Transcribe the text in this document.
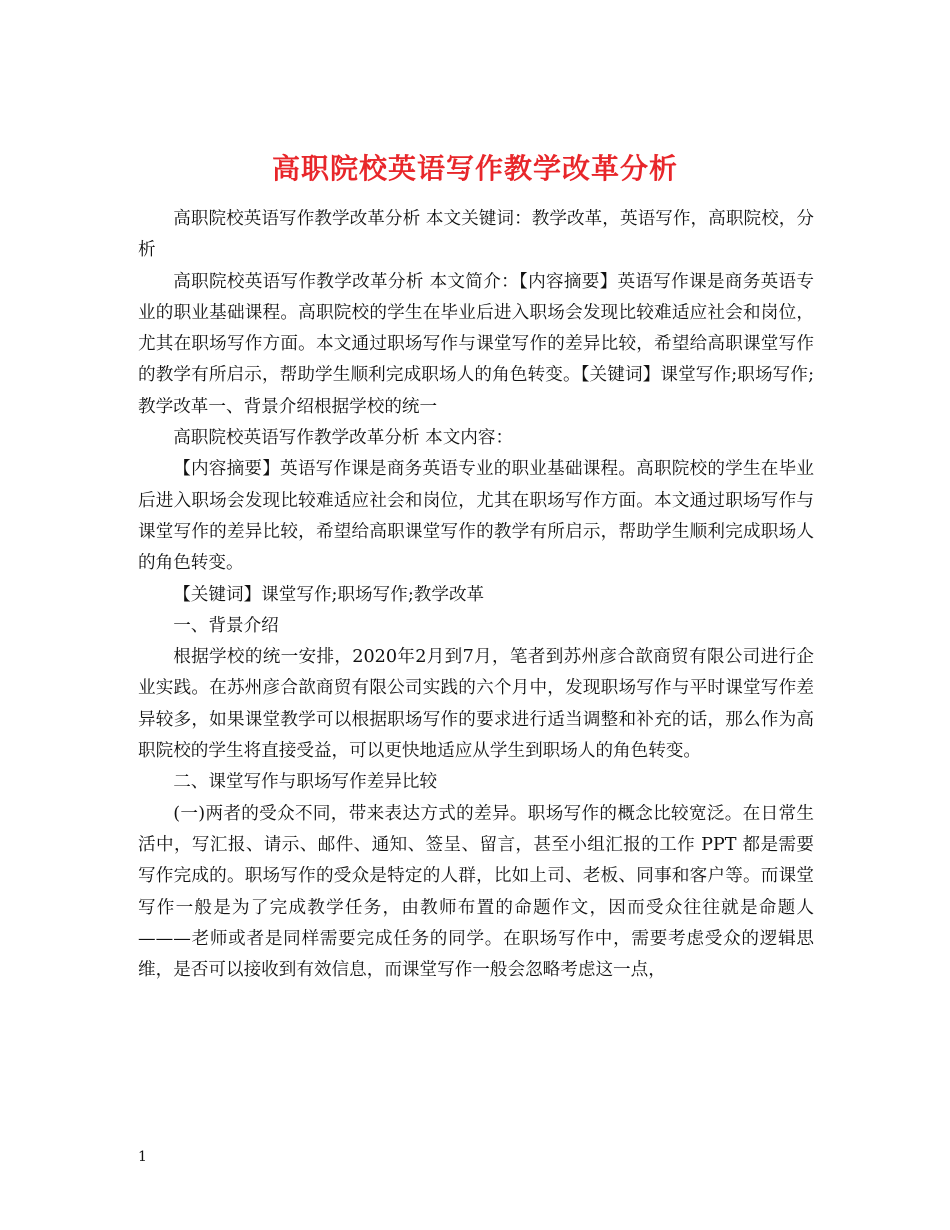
高职院校英语写作教学改革分析

高职院校英语写作教学改革分析 本文关键词：教学改革，英语写作，高职院校，分析

高职院校英语写作教学改革分析 本文简介：【内容摘要】英语写作课是商务英语专业的职业基础课程。高职院校的学生在毕业后进入职场会发现比较难适应社会和岗位，尤其在职场写作方面。本文通过职场写作与课堂写作的差异比较，希望给高职课堂写作的教学有所启示，帮助学生顺利完成职场人的角色转变。【关键词】课堂写作;职场写作;教学改革一、背景介绍根据学校的统一

高职院校英语写作教学改革分析 本文内容：

【内容摘要】英语写作课是商务英语专业的职业基础课程。高职院校的学生在毕业后进入职场会发现比较难适应社会和岗位，尤其在职场写作方面。本文通过职场写作与课堂写作的差异比较，希望给高职课堂写作的教学有所启示，帮助学生顺利完成职场人的角色转变。

【关键词】课堂写作;职场写作;教学改革

一、背景介绍

根据学校的统一安排，2020年2月到7月，笔者到苏州彦合歆商贸有限公司进行企业实践。在苏州彦合歆商贸有限公司实践的六个月中，发现职场写作与平时课堂写作差异较多，如果课堂教学可以根据职场写作的要求进行适当调整和补充的话，那么作为高职院校的学生将直接受益，可以更快地适应从学生到职场人的角色转变。

二、课堂写作与职场写作差异比较

(一)两者的受众不同，带来表达方式的差异。职场写作的概念比较宽泛。在日常生活中，写汇报、请示、邮件、通知、签呈、留言，甚至小组汇报的工作 PPT 都是需要写作完成的。职场写作的受众是特定的人群，比如上司、老板、同事和客户等。而课堂写作一般是为了完成教学任务，由教师布置的命题作文，因而受众往往就是命题人———老师或者是同样需要完成任务的同学。在职场写作中，需要考虑受众的逻辑思维，是否可以接收到有效信息，而课堂写作一般会忽略考虑这一点，

1
